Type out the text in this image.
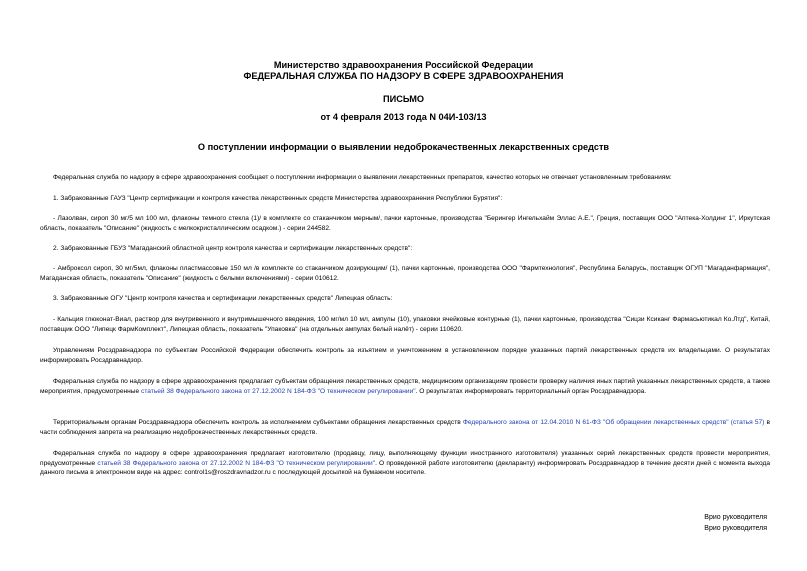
Министерство здравоохранения Российской Федерации
ФЕДЕРАЛЬНАЯ СЛУЖБА ПО НАДЗОРУ В СФЕРЕ ЗДРАВООХРАНЕНИЯ
ПИСЬМО
от 4 февраля 2013 года N 04И-103/13
О поступлении информации о выявлении недоброкачественных лекарственных средств
Федеральная служба по надзору в сфере здравоохранения сообщает о поступлении информации о выявлении лекарственных препаратов, качество которых не отвечает установленным требованиям:
1. Забракованные ГАУЗ "Центр сертификации и контроля качества лекарственных средств Министерства здравоохранения Республики Бурятия":
- Лазолван, сироп 30 мг/5 мл 100 мл, флаконы темного стекла (1)/ в комплекте со стаканчиком мерным/, пачки картонные, производства "Берингер Ингельхайм Эллас А.Е.", Греция, поставщик ООО "Аптека-Холдинг 1", Иркутская область, показатель "Описание" (жидкость с мелкокристаллическим осадком.) - серии 244582.
2. Забракованные ГБУЗ "Магаданский областной центр контроля качества и сертификации лекарственных средств":
- Амброксол сироп, 30 мг/5мл, флаконы пластмассовые 150 мл /в комплекте со стаканчиком дозирующим/ (1), пачки картонные, производства ООО "Фармтехнология", Республика Беларусь, поставщик ОГУП "Магаданфармация", Магаданская область, показатель "Описание" (жидкость с белыми включениями) - серии 010612.
3. Забракованные ОГУ "Центр контроля качества и сертификации лекарственных средств" Липецкая область:
- Кальция глюконат-Виал, раствор для внутривенного и внутримышечного введения, 100 мг/мл 10 мл, ампулы (10), упаковки ячейковые контурные (1), пачки картонные, производства "Сицзи Ксиканг Фармасьютикал Ко.Лтд", Китай, поставщик ООО "Липецк ФармКомплект", Липецкая область, показатель "Упаковка" (на отдельных ампулах белый налёт) - серии 110620.
Управлениям Росздравнадзора по субъектам Российской Федерации обеспечить контроль за изъятием и уничтожением в установленном порядке указанных партий лекарственных средств их владельцами. О результатах информировать Росздравнадзор.
Федеральная служба по надзору в сфере здравоохранения предлагает субъектам обращения лекарственных средств, медицинским организациям провести проверку наличия иных партий указанных лекарственных средств, а также мероприятия, предусмотренные статьей 38 Федерального закона от 27.12.2002 N 184-ФЗ "О техническом регулировании". О результатах информировать территориальный орган Росздравнадзора.
Территориальным органам Росздравнадзора обеспечить контроль за исполнением субъектами обращения лекарственных средств Федерального закона от 12.04.2010 N 61-ФЗ "Об обращении лекарственных средств" (статья 57) в части соблюдения запрета на реализацию недоброкачественных лекарственных средств.
Федеральная служба по надзору в сфере здравоохранения предлагает изготовителю (продавцу, лицу, выполняющему функции иностранного изготовителя) указанных серий лекарственных средств провести мероприятия, предусмотренные статьей 38 Федерального закона от 27.12.2002 N 184-ФЗ "О техническом регулировании". О проведенной работе изготовителю (декларанту) информировать Росздравнадзор в течение десяти дней с момента выхода данного письма в электронном виде на адрес: control1s@roszdravnadzor.ru с последующей досылкой на бумажном носителе.
Врио руководителя
Врио руководителя
